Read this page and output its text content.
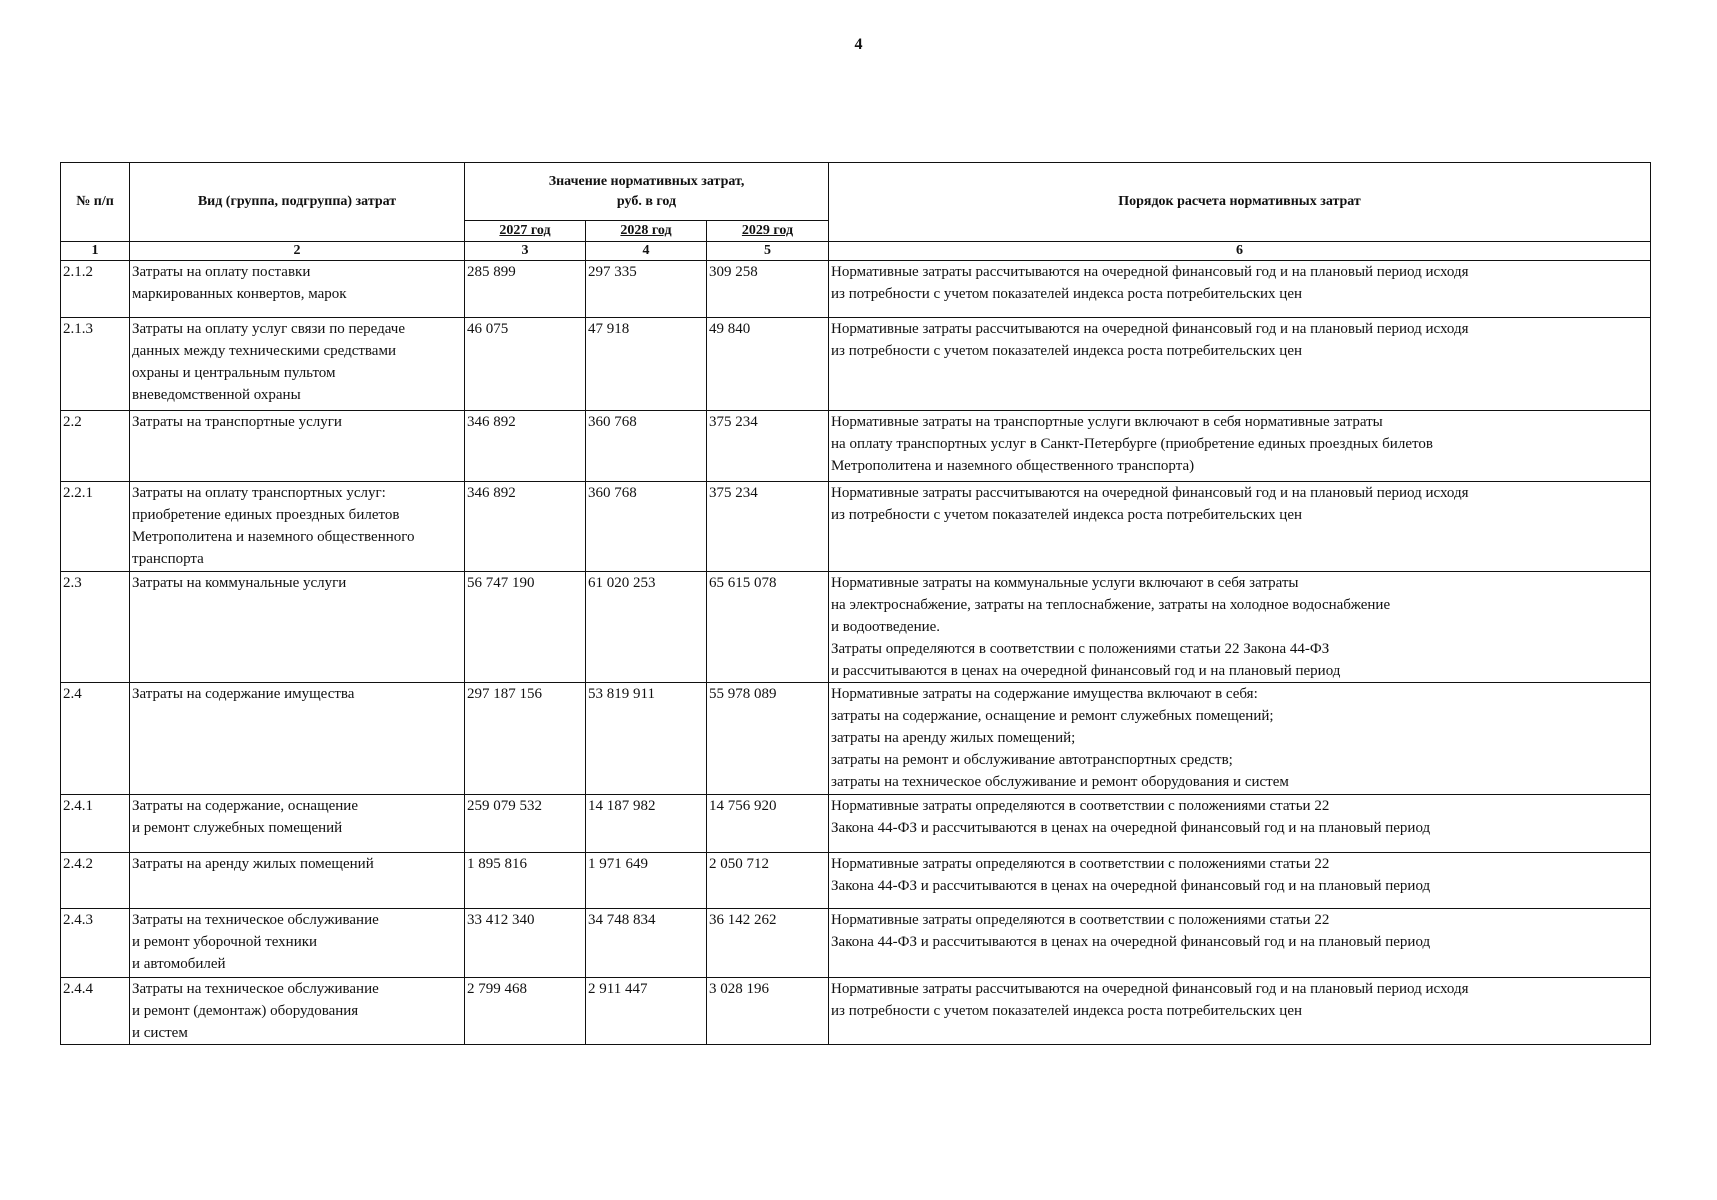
4
№ п/п	Вид (группа, подгруппа) затрат	Значение нормативных затрат,
руб. в год			Порядок расчета нормативных затрат
		2027 год	2028 год	2029 год	
1	2	3	4	5	6
2.1.2	Затраты на оплату поставки
маркированных конвертов, марок	285 899	297 335	309 258	Нормативные затраты рассчитываются на очередной финансовый год и на плановый период исходя
из потребности с учетом показателей индекса роста потребительских цен

2.1.3	Затраты на оплату услуг связи по передаче
данных между техническими средствами
охраны и центральным пультом
вневедомственной охраны	46 075	47 918	49 840	Нормативные затраты рассчитываются на очередной финансовый год и на плановый период исходя
из потребности с учетом показателей индекса роста потребительских цен

2.2	Затраты на транспортные услуги	346 892	360 768	375 234	Нормативные затраты на транспортные услуги включают в себя нормативные затраты
на оплату транспортных услуг в Санкт-Петербурге (приобретение единых проездных билетов
Метрополитена и наземного общественного транспорта)

2.2.1	Затраты на оплату транспортных услуг:
приобретение единых проездных билетов
Метрополитена и наземного общественного
транспорта	346 892	360 768	375 234	Нормативные затраты рассчитываются на очередной финансовый год и на плановый период исходя
из потребности с учетом показателей индекса роста потребительских цен

2.3	Затраты на коммунальные услуги	56 747 190	61 020 253	65 615 078	Нормативные затраты на коммунальные услуги включают в себя затраты
на электроснабжение, затраты на теплоснабжение, затраты на холодное водоснабжение
и водоотведение.
Затраты определяются в соответствии с положениями статьи 22 Закона 44-ФЗ
и рассчитываются в ценах на очередной финансовый год и на плановый период

2.4	Затраты на содержание имущества	297 187 156	53 819 911	55 978 089	Нормативные затраты на содержание имущества включают в себя:
затраты на содержание, оснащение и ремонт служебных помещений;
затраты на аренду жилых помещений;
затраты на ремонт и обслуживание автотранспортных средств;
затраты на техническое обслуживание и ремонт оборудования и систем

2.4.1	Затраты на содержание, оснащение
и ремонт служебных помещений	259 079 532	14 187 982	14 756 920	Нормативные затраты определяются в соответствии с положениями статьи 22
Закона 44-ФЗ и рассчитываются в ценах на очередной финансовый год и на плановый период

2.4.2	Затраты на аренду жилых помещений	1 895 816	1 971 649	2 050 712	Нормативные затраты определяются в соответствии с положениями статьи 22
Закона 44-ФЗ и рассчитываются в ценах на очередной финансовый год и на плановый период

2.4.3	Затраты на техническое обслуживание
и ремонт уборочной техники
и автомобилей	33 412 340	34 748 834	36 142 262	Нормативные затраты определяются в соответствии с положениями статьи 22
Закона 44-ФЗ и рассчитываются в ценах на очередной финансовый год и на плановый период

2.4.4	Затраты на техническое обслуживание
и ремонт (демонтаж) оборудования
и систем	2 799 468	2 911 447	3 028 196	Нормативные затраты рассчитываются на очередной финансовый год и на плановый период исходя
из потребности с учетом показателей индекса роста потребительских цен
